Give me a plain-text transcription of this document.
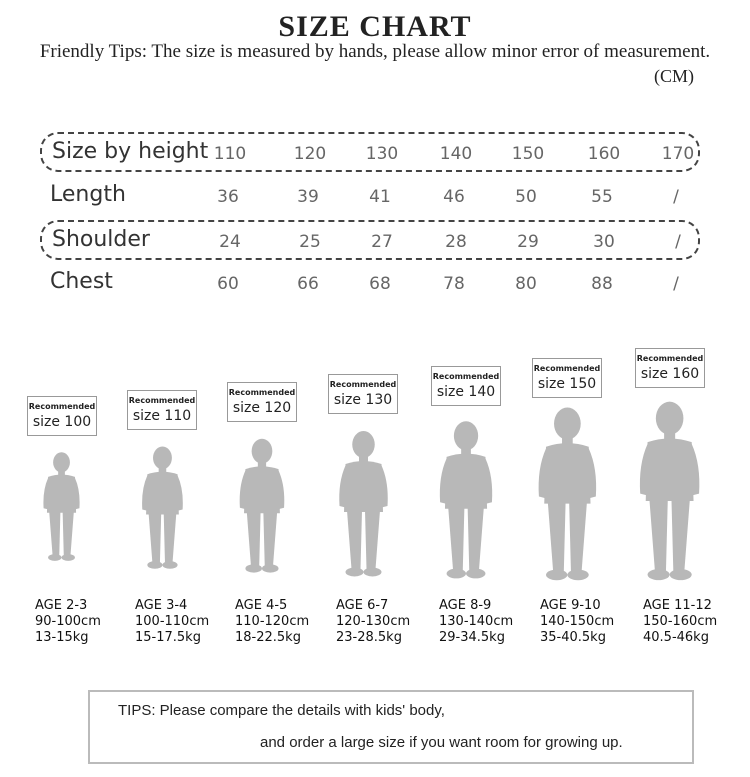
SIZE CHART
Friendly Tips: The size is measured by hands, please allow minor error of measurement.
(CM)
Size by height 110	120	130	140	150	160	170
Length	36	39	41	46	50	55	/
Shoulder	24	25	27	28	29	30	/
Chest	60	66	68	78	80	88	/
Recommended
size 100
AGE 2-3
90-100cm
13-15kg
Recommended
size 110
AGE 3-4
100-110cm
15-17.5kg
Recommended
size 120
AGE 4-5
110-120cm
18-22.5kg
Recommended
size 130
AGE 6-7
120-130cm
23-28.5kg
Recommended
size 140
AGE 8-9
130-140cm
29-34.5kg
Recommended
size 150
AGE 9-10
140-150cm
35-40.5kg
Recommended
size 160
AGE 11-12
150-160cm
40.5-46kg
TIPS: Please compare the details with kids' body,
and order a large size if you want room for growing up.
